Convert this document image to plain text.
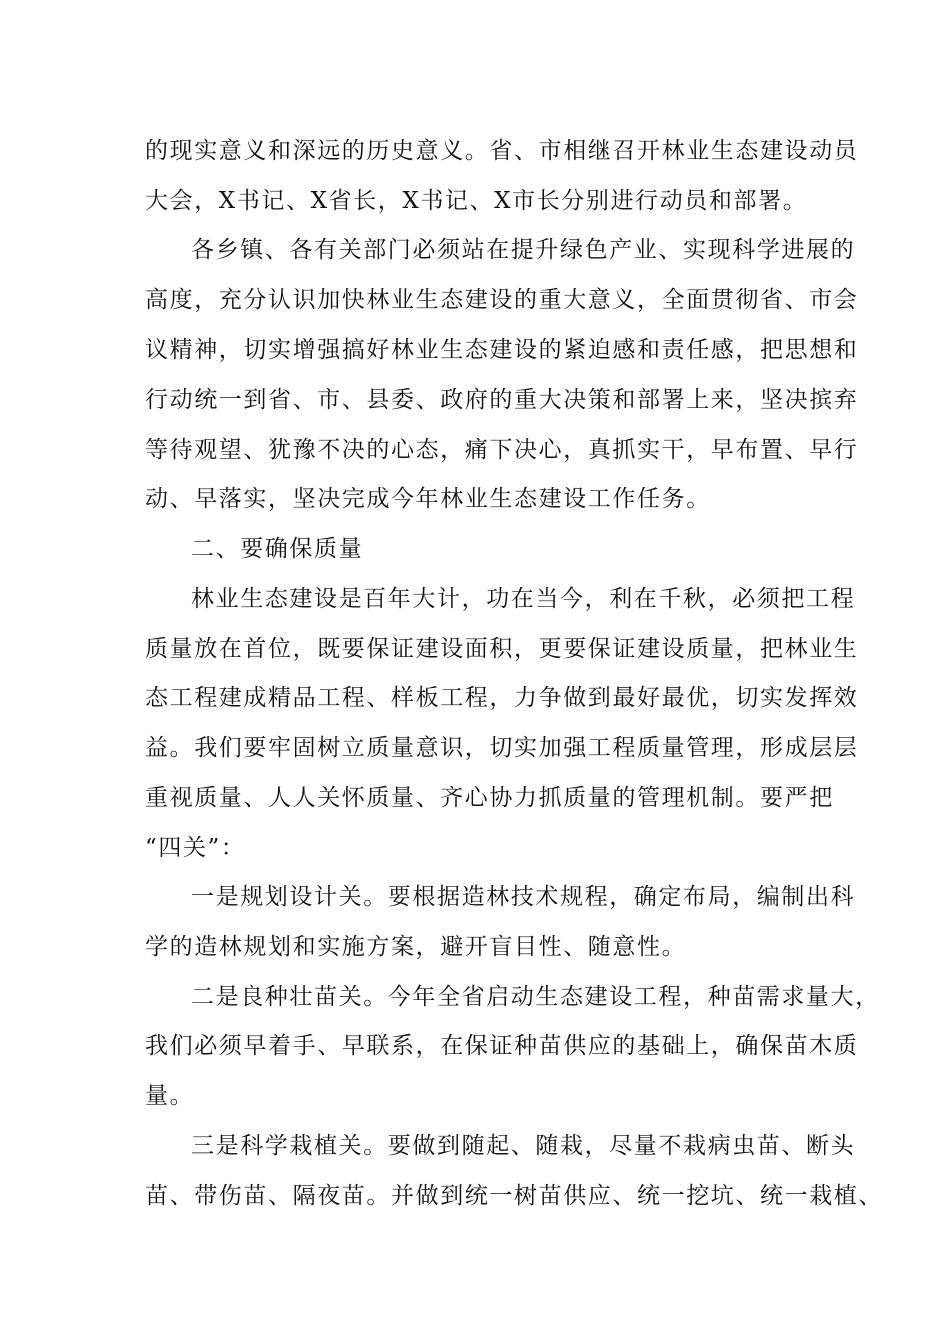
的现实意义和深远的历史意义。省、市相继召开林业生态建设动员
大会，X书记、X省长，X书记、X市长分别进行动员和部署。
各乡镇、各有关部门必须站在提升绿色产业、实现科学进展的
高度，充分认识加快林业生态建设的重大意义，全面贯彻省、市会
议精神，切实增强搞好林业生态建设的紧迫感和责任感，把思想和
行动统一到省、市、县委、政府的重大决策和部署上来，坚决摈弃
等待观望、犹豫不决的心态，痛下决心，真抓实干，早布置、早行
动、早落实，坚决完成今年林业生态建设工作任务。
二、要确保质量
林业生态建设是百年大计，功在当今，利在千秋，必须把工程
质量放在首位，既要保证建设面积，更要保证建设质量，把林业生
态工程建成精品工程、样板工程，力争做到最好最优，切实发挥效
益。我们要牢固树立质量意识，切实加强工程质量管理，形成层层
重视质量、人人关怀质量、齐心协力抓质量的管理机制。要严把
“四关”：
一是规划设计关。要根据造林技术规程，确定布局，编制出科
学的造林规划和实施方案，避开盲目性、随意性。
二是良种壮苗关。今年全省启动生态建设工程，种苗需求量大，
我们必须早着手、早联系，在保证种苗供应的基础上，确保苗木质
量。
三是科学栽植关。要做到随起、随栽，尽量不栽病虫苗、断头
苗、带伤苗、隔夜苗。并做到统一树苗供应、统一挖坑、统一栽植、
